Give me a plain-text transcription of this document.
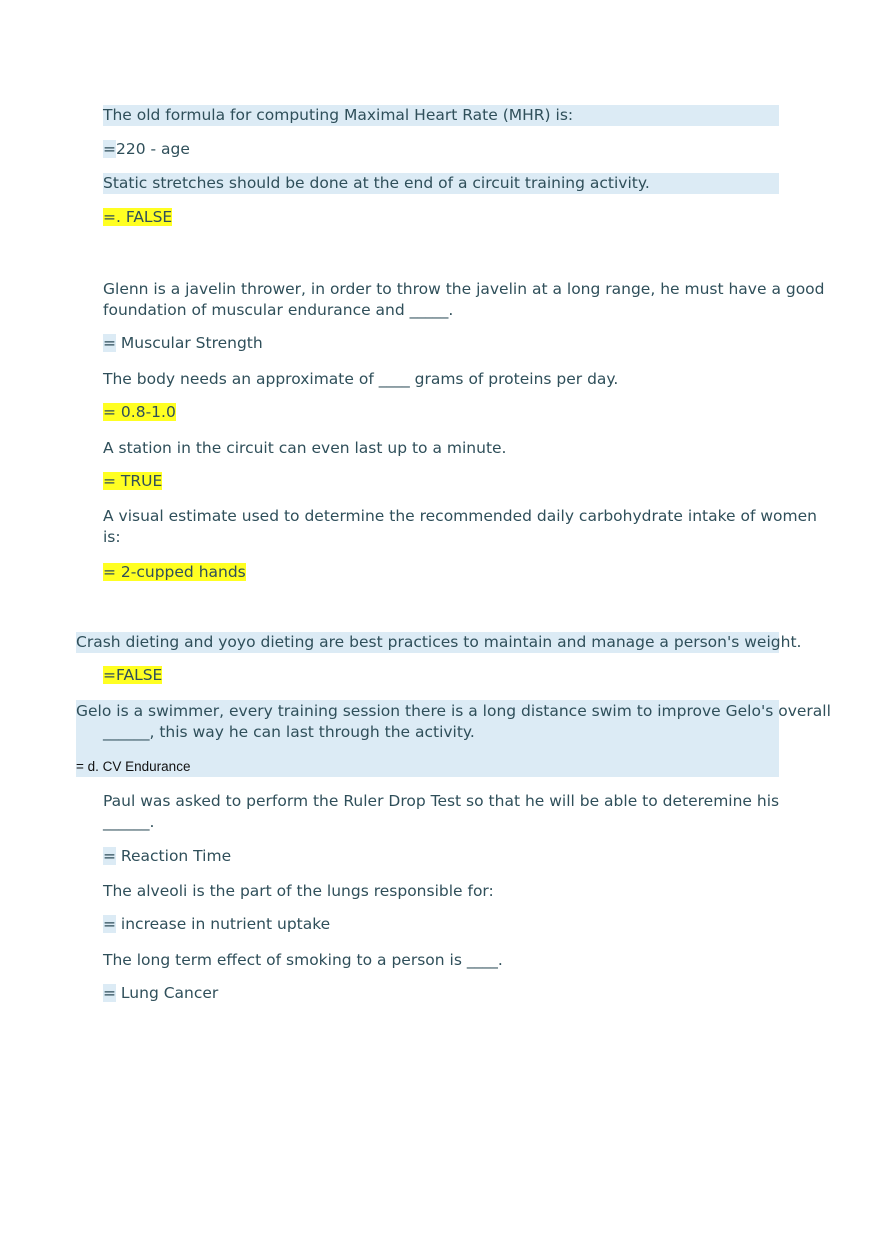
The old formula for computing Maximal Heart Rate (MHR) is:
=220 - age
Static stretches should be done at the end of a circuit training activity.
=. FALSE
Glenn is a javelin thrower, in order to throw the javelin at a long range, he must have a good
foundation of muscular endurance and _____.
= Muscular Strength
The body needs an approximate of ____ grams of proteins per day.
= 0.8-1.0
A station in the circuit can even last up to a minute.
= TRUE
A visual estimate used to determine the recommended daily carbohydrate intake of women
is:
= 2-cupped hands
Crash dieting and yoyo dieting are best practices to maintain and manage a person's weight.
=FALSE
Gelo is a swimmer, every training session there is a long distance swim to improve Gelo's overall
______, this way he can last through the activity.
= d. CV Endurance
Paul was asked to perform the Ruler Drop Test so that he will be able to deteremine his
______.
= Reaction Time
The alveoli is the part of the lungs responsible for:
= increase in nutrient uptake
The long term effect of smoking to a person is ____.
= Lung Cancer
